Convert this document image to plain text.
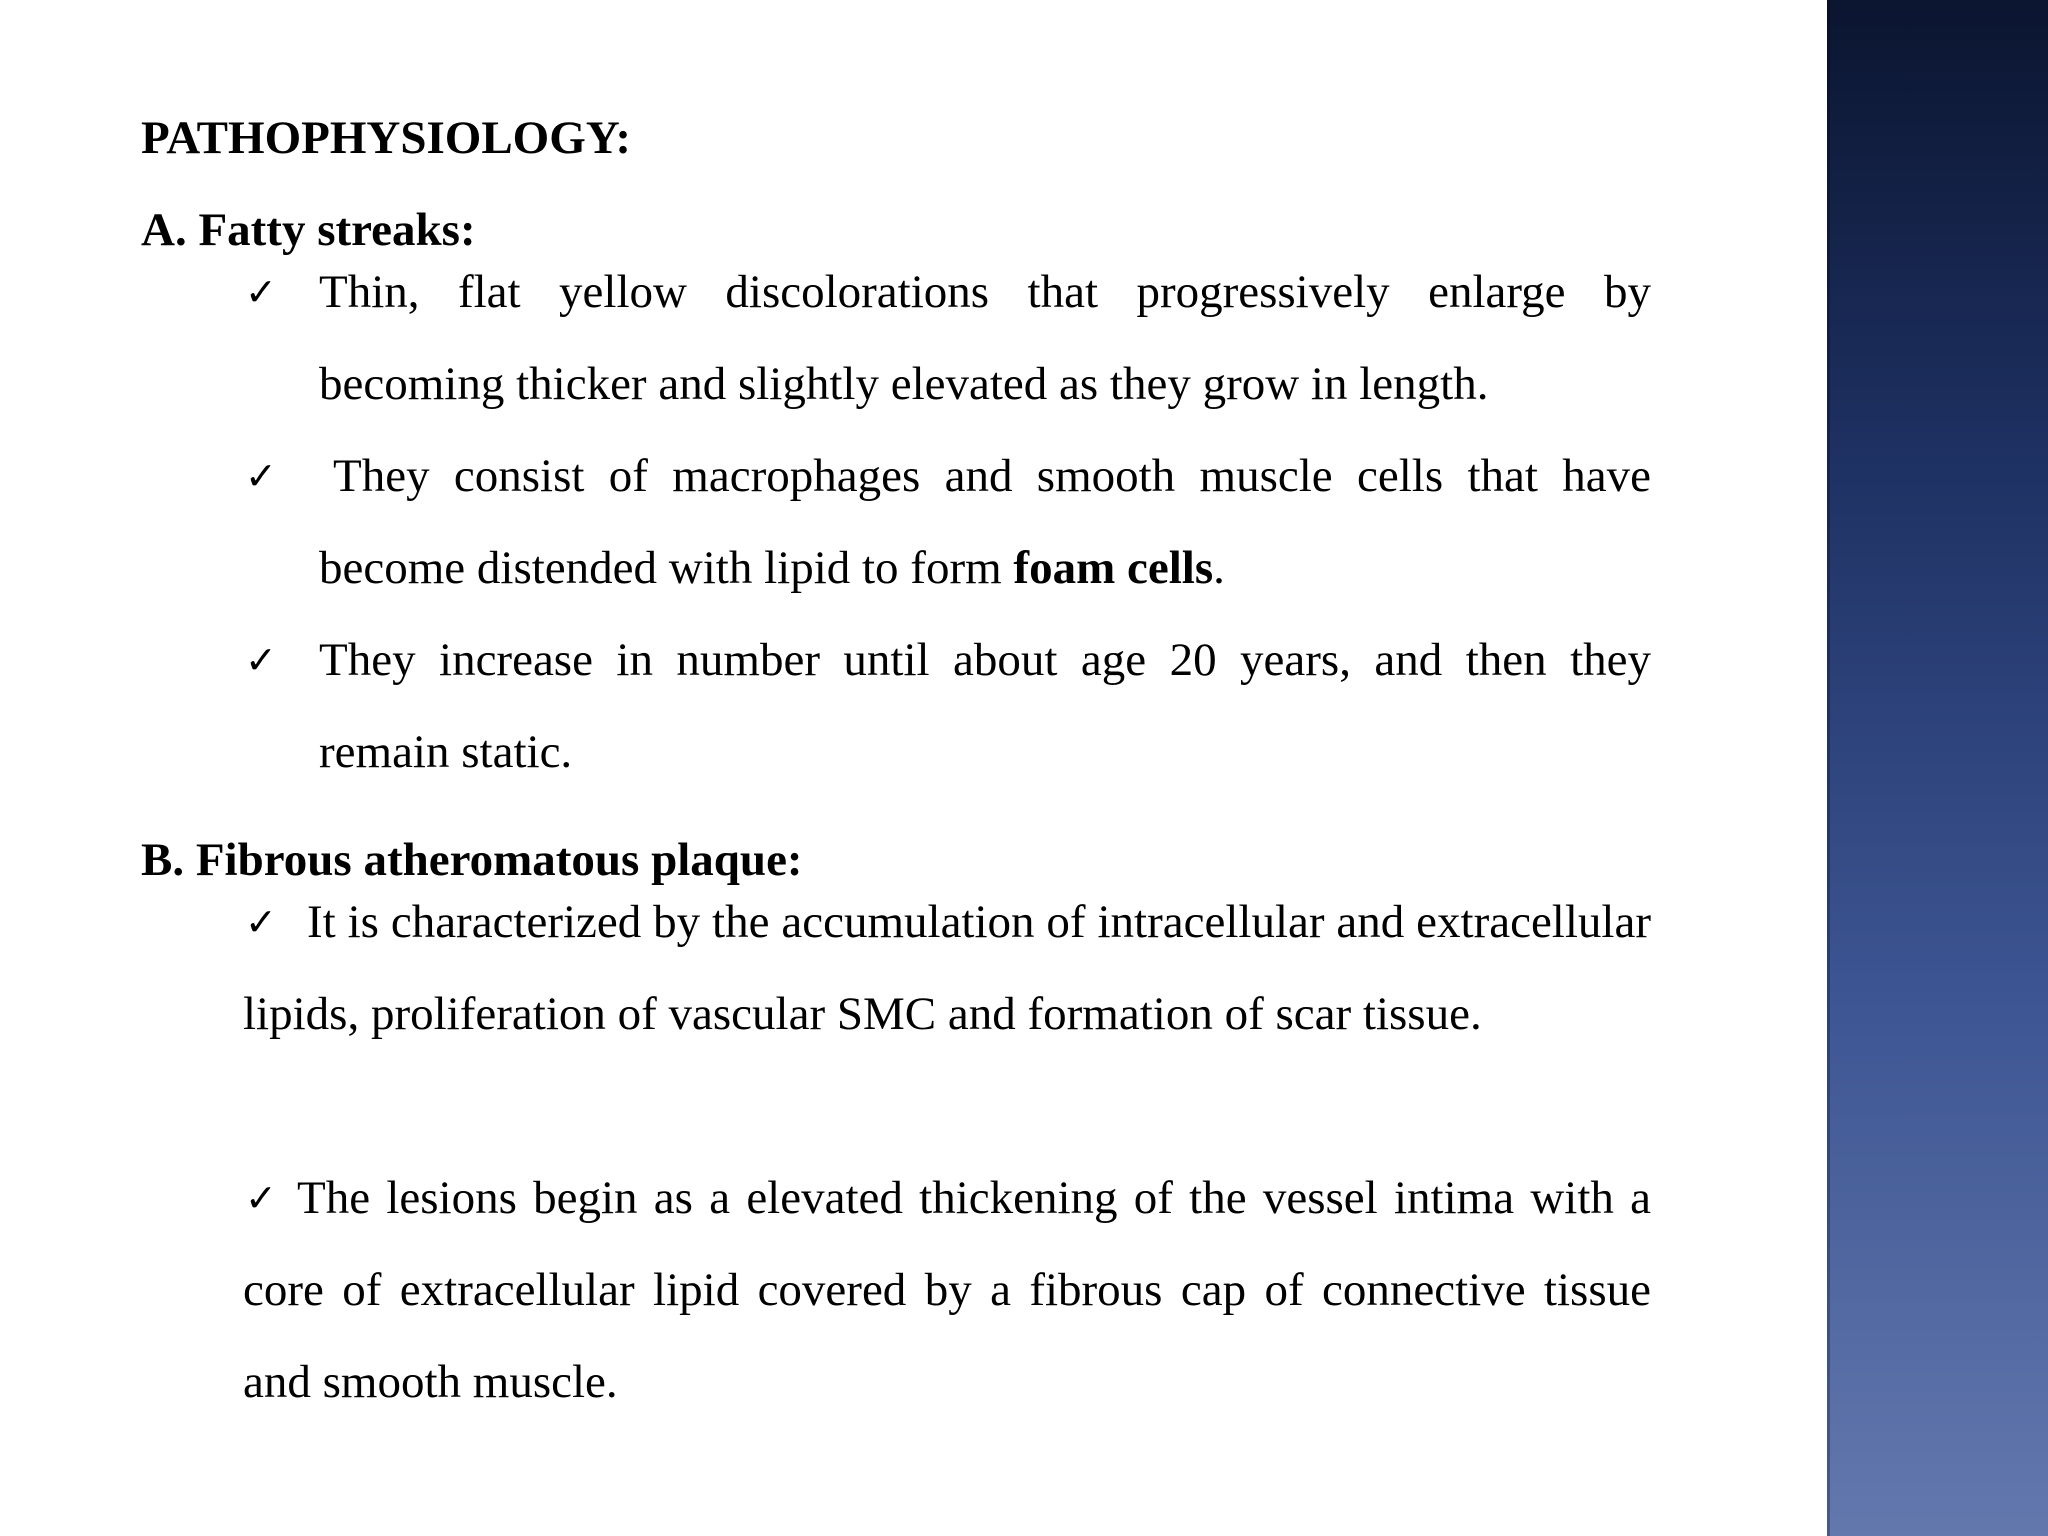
PATHOPHYSIOLOGY:
A. Fatty streaks:
✓ Thin, flat yellow discolorations that progressively enlarge by becoming thicker and slightly elevated as they grow in length.

✓ They consist of macrophages and smooth muscle cells that have become distended with lipid to form foam cells.

✓ They increase in number until about age 20 years, and then they remain static.

B. Fibrous atheromatous plaque:
✓ It is characterized by the accumulation of intracellular and extracellular lipids, proliferation of vascular SMC and formation of scar tissue.

✓ The lesions begin as a elevated thickening of the vessel intima with a core of extracellular lipid covered by a fibrous cap of connective tissue and smooth muscle.
